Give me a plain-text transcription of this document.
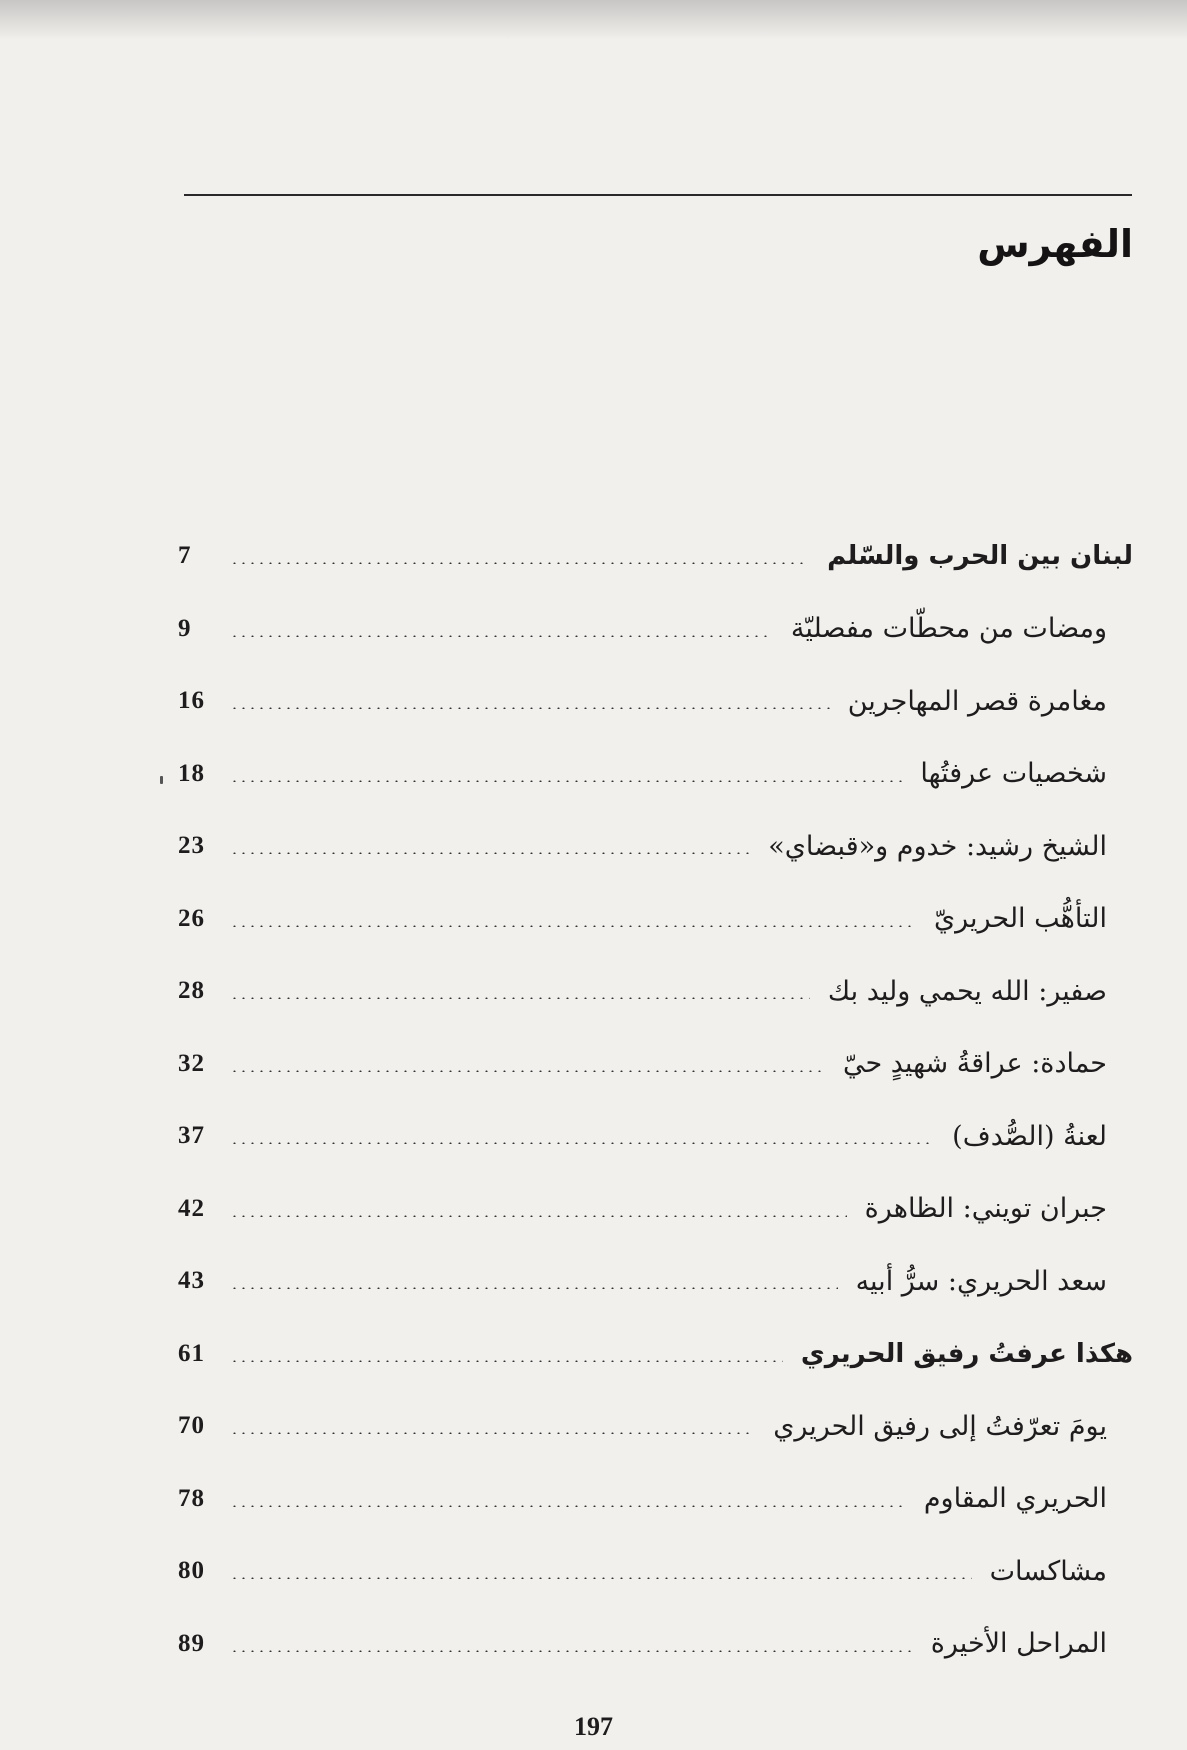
الفهرس
لبنان بين الحرب والسّلم
7
ومضات من محطّات مفصليّة
9
مغامرة قصر المهاجرين
16
شخصيات عرفتُها
18
الشيخ رشيد: خدوم و«قبضاي»
23
التأهُّب الحريريّ
26
صفير: الله يحمي وليد بك
28
حمادة: عراقةُ شهيدٍ حيّ
32
لعنةُ (الصُّدف)
37
جبران تويني: الظاهرة
42
سعد الحريري: سرُّ أبيه
43
هكذا عرفتُ رفيق الحريري
61
يومَ تعرّفتُ إلى رفيق الحريري
70
الحريري المقاوم
78
مشاكسات
80
المراحل الأخيرة
89
197
